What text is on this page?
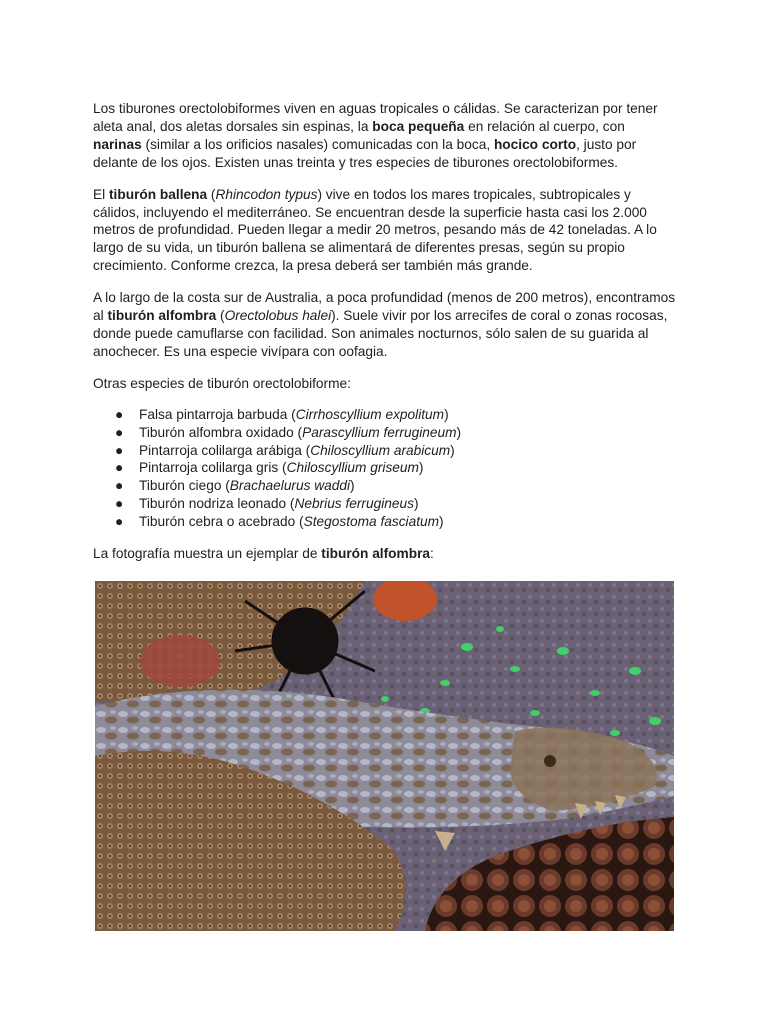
Los tiburones orectolobiformes viven en aguas tropicales o cálidas. Se caracterizan por tener aleta anal, dos aletas dorsales sin espinas, la boca pequeña en relación al cuerpo, con narinas (similar a los orificios nasales) comunicadas con la boca, hocico corto, justo por delante de los ojos. Existen unas treinta y tres especies de tiburones orectolobiformes.

El tiburón ballena (Rhincodon typus) vive en todos los mares tropicales, subtropicales y cálidos, incluyendo el mediterráneo. Se encuentran desde la superficie hasta casi los 2.000 metros de profundidad. Pueden llegar a medir 20 metros, pesando más de 42 toneladas. A lo largo de su vida, un tiburón ballena se alimentará de diferentes presas, según su propio crecimiento. Conforme crezca, la presa deberá ser también más grande.

A lo largo de la costa sur de Australia, a poca profundidad (menos de 200 metros), encontramos al tiburón alfombra (Orectolobus halei). Suele vivir por los arrecifes de coral o zonas rocosas, donde puede camuflarse con facilidad. Son animales nocturnos, sólo salen de su guarida al anochecer. Es una especie vivípara con oofagia.

Otras especies de tiburón orectolobiforme:

● Falsa pintarroja barbuda (Cirrhoscyllium expolitum)
● Tiburón alfombra oxidado (Parascyllium ferrugineum)
● Pintarroja colilarga arábiga (Chiloscyllium arabicum)
● Pintarroja colilarga gris (Chiloscyllium griseum)
● Tiburón ciego (Brachaelurus waddi)
● Tiburón nodriza leonado (Nebrius ferrugineus)
● Tiburón cebra o acebrado (Stegostoma fasciatum)

La fotografía muestra un ejemplar de tiburón alfombra:
